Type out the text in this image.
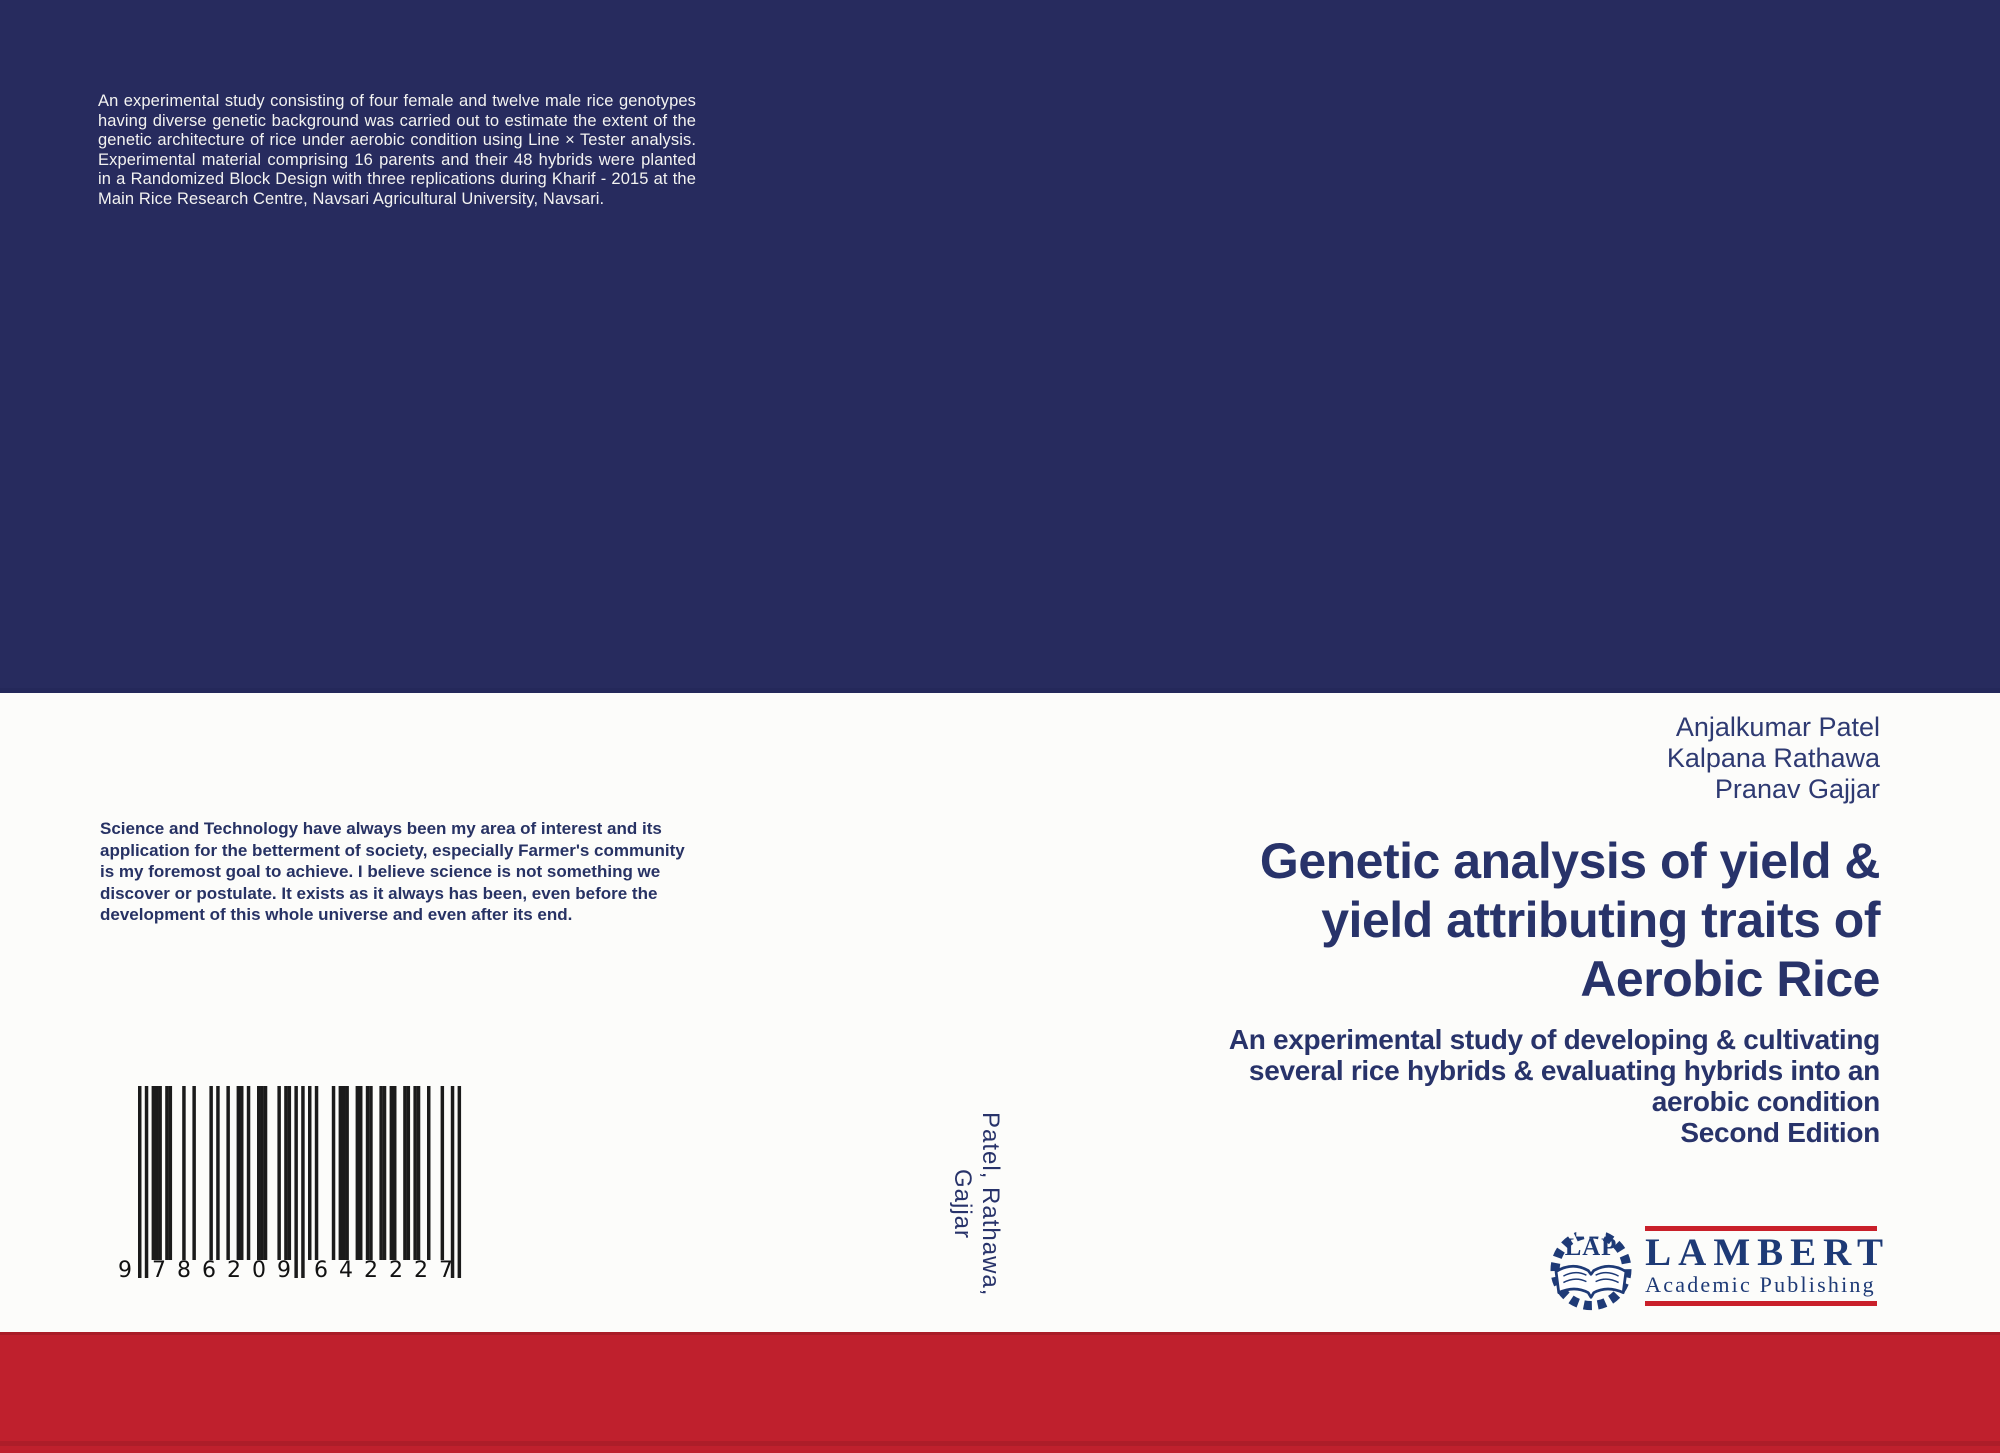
An experimental study consisting of four female and twelve male rice genotypes having diverse genetic background was carried out to estimate the extent of the genetic architecture of rice under aerobic condition using Line × Tester analysis. Experimental material comprising 16 parents and their 48 hybrids were planted in a Randomized Block Design with three replications during Kharif - 2015 at the Main Rice Research Centre, Navsari Agricultural University, Navsari.
Science and Technology have always been my area of interest and its application for the betterment of society, especially Farmer's community is my foremost goal to achieve. I believe science is not something we discover or postulate. It exists as it always has been, even before the development of this whole universe and even after its end.
9 786209 642227	Patel, Rathawa, Gajjar
Anjalkumar Patel
Kalpana Rathawa
Pranav Gajjar
Genetic analysis of yield &
yield attributing traits of
Aerobic Rice
An experimental study of developing & cultivating
several rice hybrids & evaluating hybrids into an
aerobic condition
Second Edition
LAP LAMBERT
Academic Publishing
